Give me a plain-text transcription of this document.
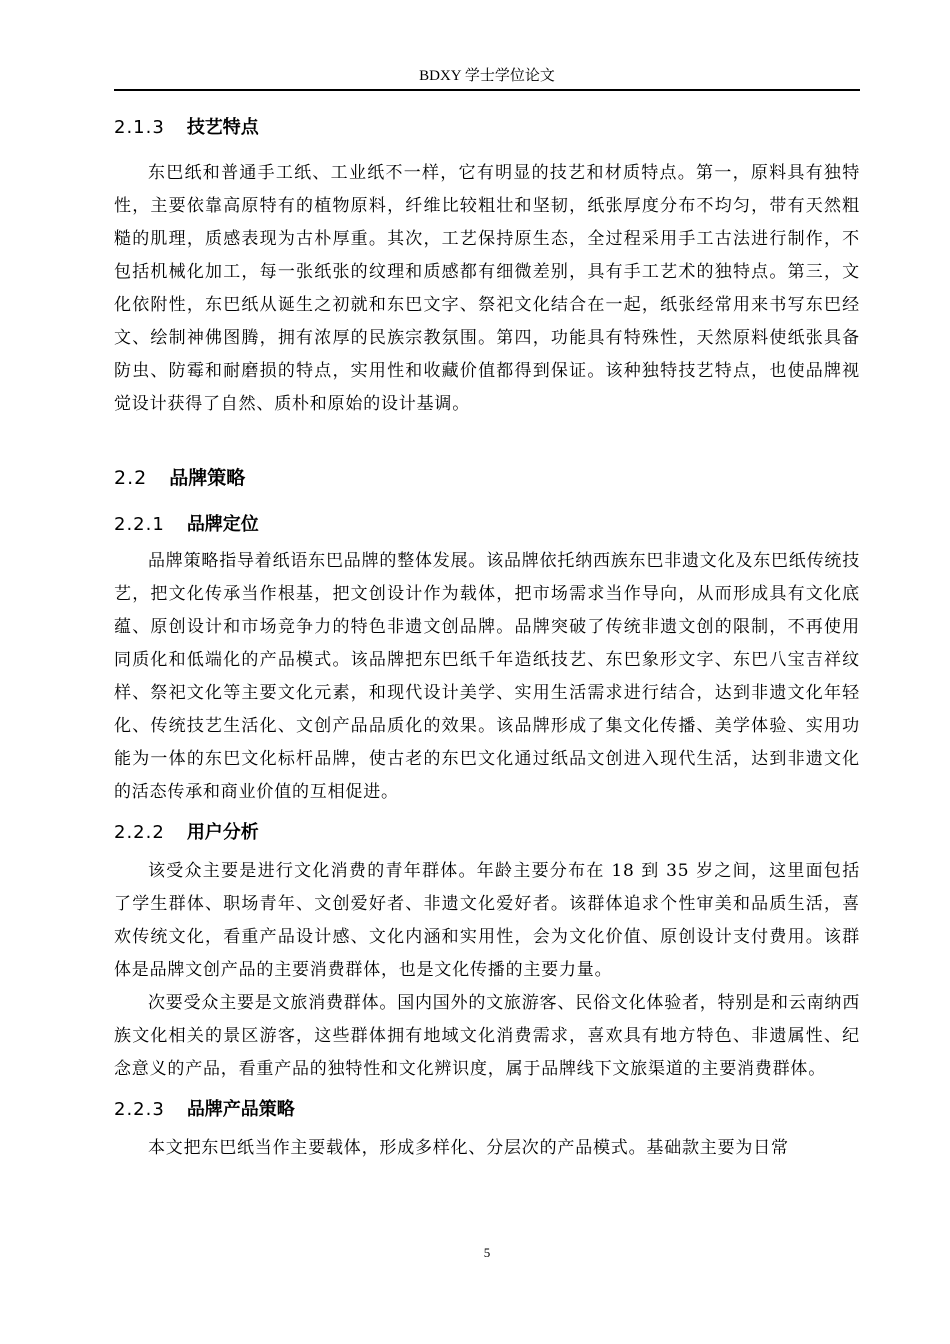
BDXY 学士学位论文
2.1.3 技艺特点

东巴纸和普通手工纸、工业纸不一样，它有明显的技艺和材质特点。第一，原料具有独特性，主要依靠高原特有的植物原料，纤维比较粗壮和坚韧，纸张厚度分布不均匀，带有天然粗糙的肌理，质感表现为古朴厚重。其次，工艺保持原生态，全过程采用手工古法进行制作，不包括机械化加工，每一张纸张的纹理和质感都有细微差别，具有手工艺术的独特点。第三，文化依附性，东巴纸从诞生之初就和东巴文字、祭祀文化结合在一起，纸张经常用来书写东巴经文、绘制神佛图腾，拥有浓厚的民族宗教氛围。第四，功能具有特殊性，天然原料使纸张具备防虫、防霉和耐磨损的特点，实用性和收藏价值都得到保证。该种独特技艺特点，也使品牌视觉设计获得了自然、质朴和原始的设计基调。

2.2 品牌策略
2.2.1 品牌定位

品牌策略指导着纸语东巴品牌的整体发展。该品牌依托纳西族东巴非遗文化及东巴纸传统技艺，把文化传承当作根基，把文创设计作为载体，把市场需求当作导向，从而形成具有文化底蕴、原创设计和市场竞争力的特色非遗文创品牌。品牌突破了传统非遗文创的限制，不再使用同质化和低端化的产品模式。该品牌把东巴纸千年造纸技艺、东巴象形文字、东巴八宝吉祥纹样、祭祀文化等主要文化元素，和现代设计美学、实用生活需求进行结合，达到非遗文化年轻化、传统技艺生活化、文创产品品质化的效果。该品牌形成了集文化传播、美学体验、实用功能为一体的东巴文化标杆品牌，使古老的东巴文化通过纸品文创进入现代生活，达到非遗文化的活态传承和商业价值的互相促进。

2.2.2 用户分析

该受众主要是进行文化消费的青年群体。年龄主要分布在 18 到 35 岁之间，这里面包括了学生群体、职场青年、文创爱好者、非遗文化爱好者。该群体追求个性审美和品质生活，喜欢传统文化，看重产品设计感、文化内涵和实用性，会为文化价值、原创设计支付费用。该群体是品牌文创产品的主要消费群体，也是文化传播的主要力量。

次要受众主要是文旅消费群体。国内国外的文旅游客、民俗文化体验者，特别是和云南纳西族文化相关的景区游客，这些群体拥有地域文化消费需求，喜欢具有地方特色、非遗属性、纪念意义的产品，看重产品的独特性和文化辨识度，属于品牌线下文旅渠道的主要消费群体。

2.2.3 品牌产品策略

本文把东巴纸当作主要载体，形成多样化、分层次的产品模式。基础款主要为日常

5
